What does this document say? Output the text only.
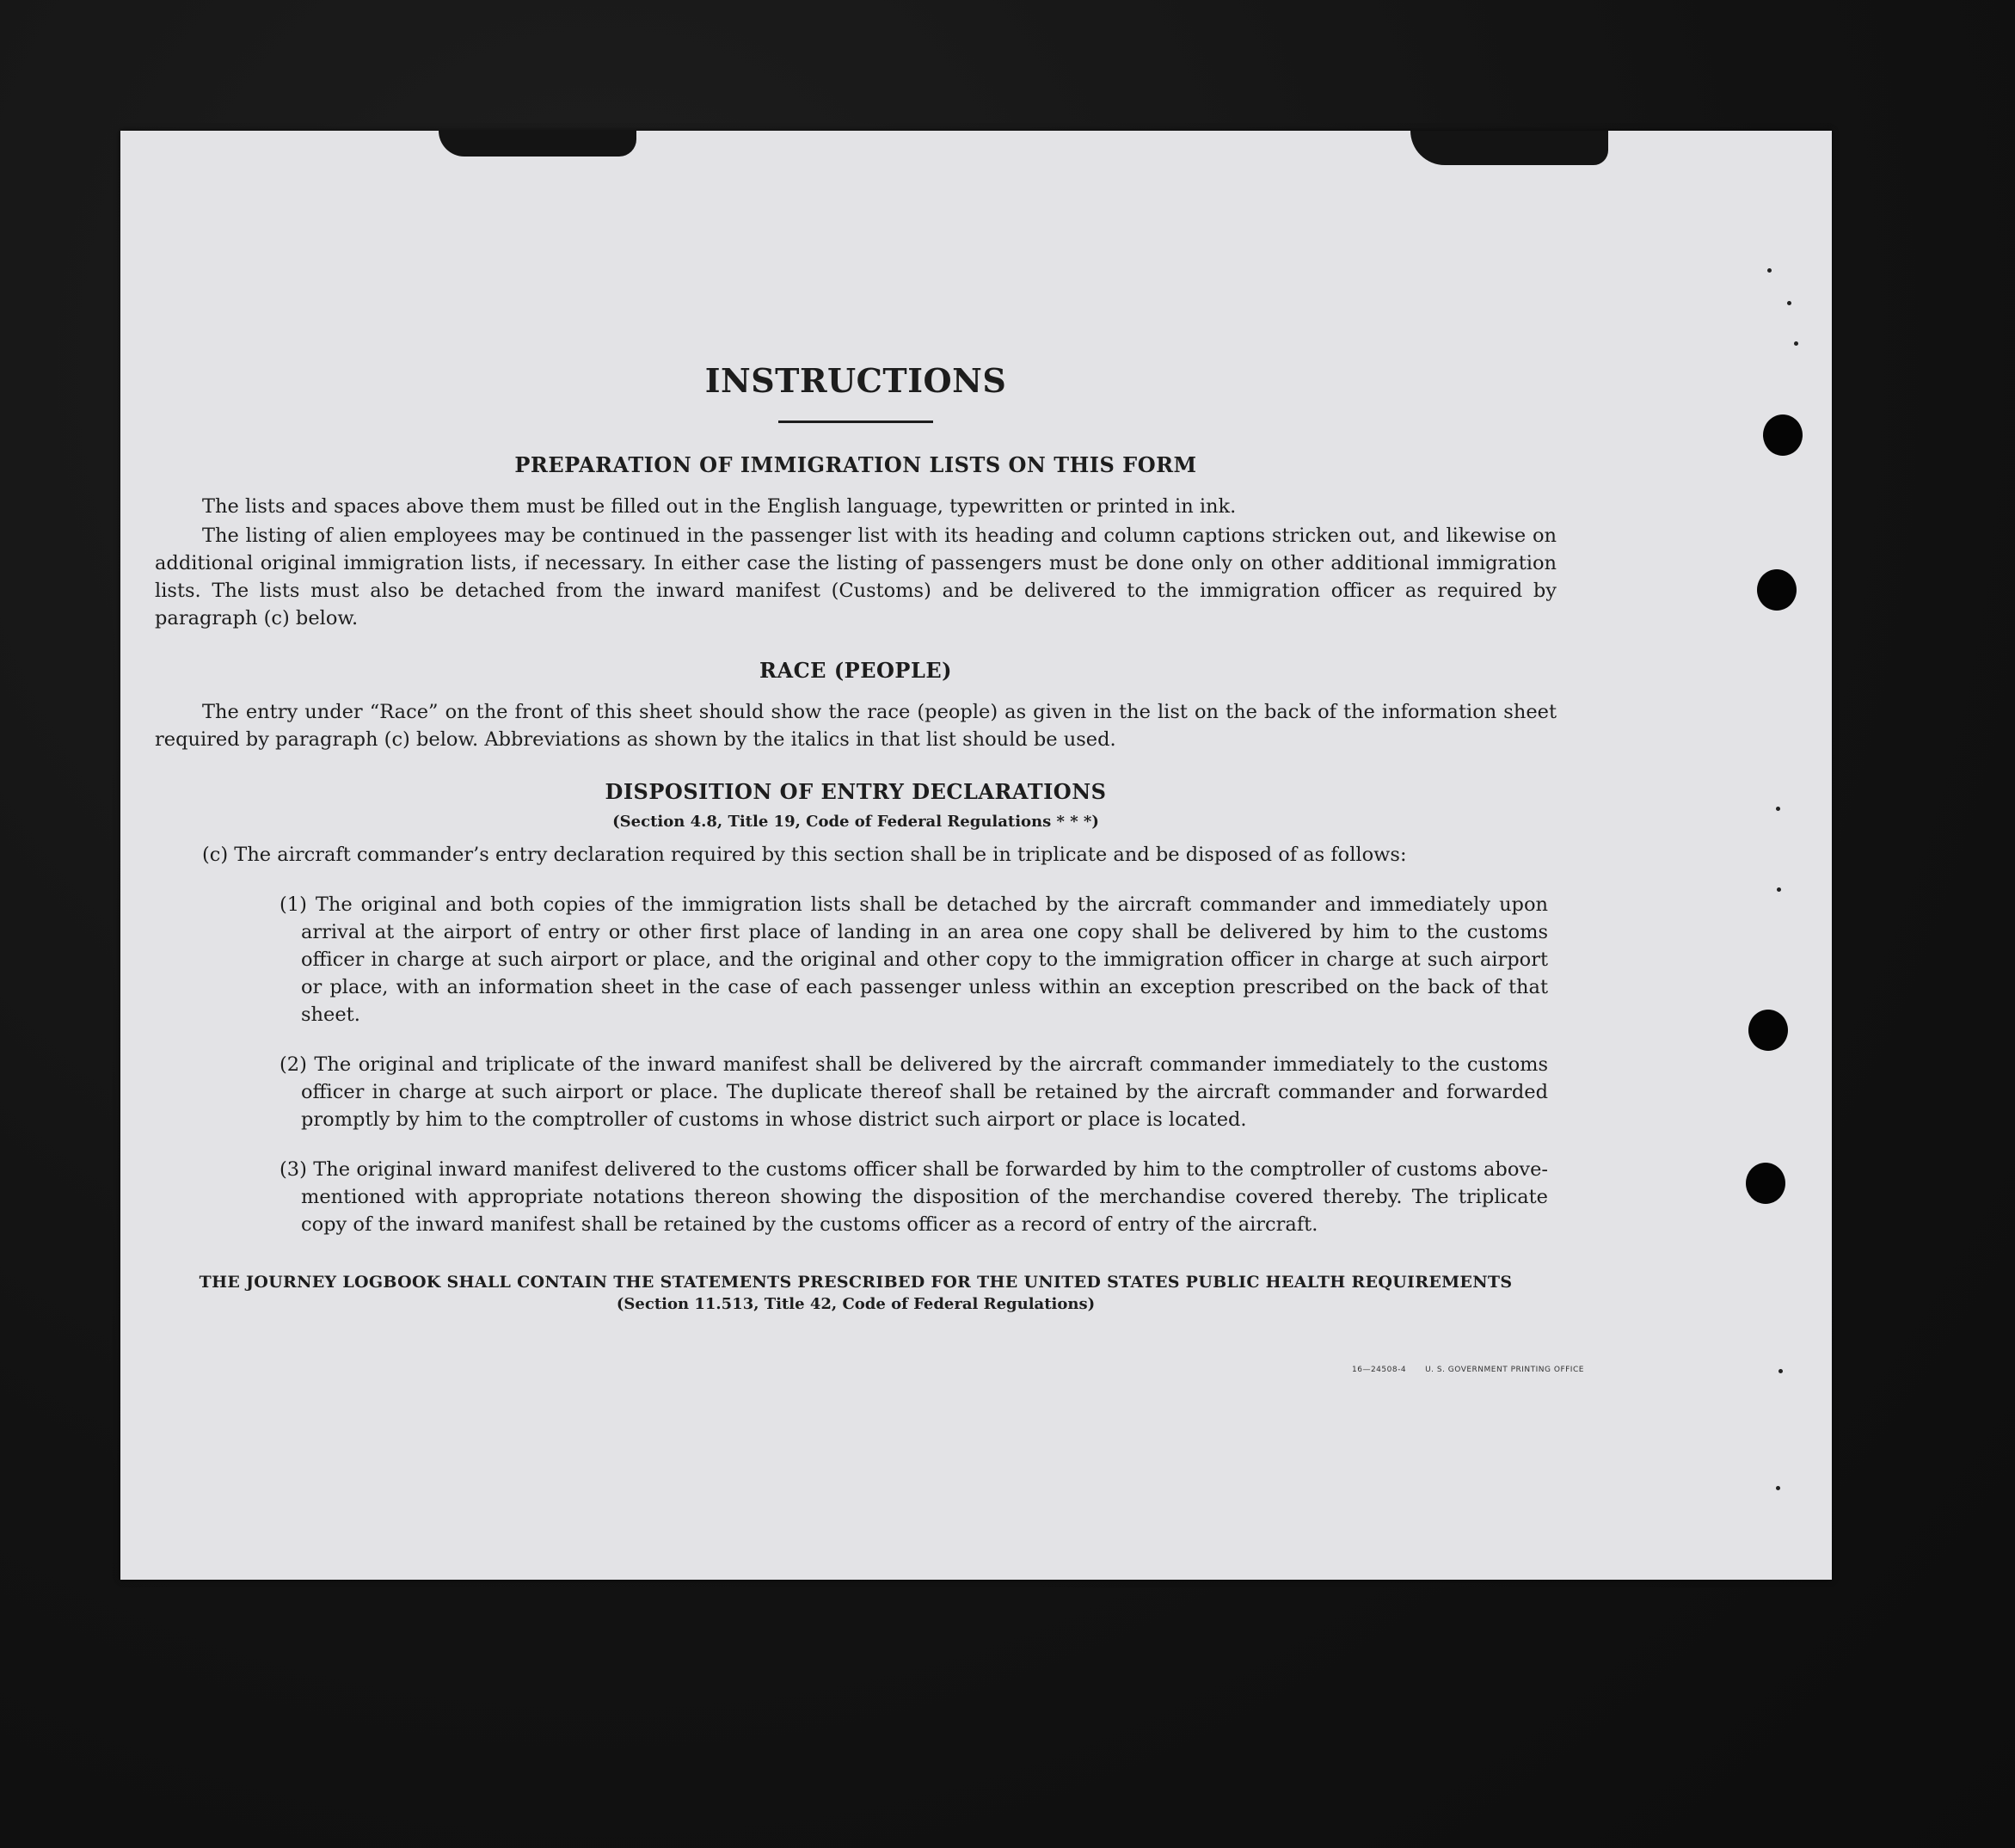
INSTRUCTIONS
PREPARATION OF IMMIGRATION LISTS ON THIS FORM

The lists and spaces above them must be filled out in the English language, typewritten or printed in ink.

The listing of alien employees may be continued in the passenger list with its heading and column captions stricken out, and likewise on additional original immigration lists, if necessary. In either case the listing of passengers must be done only on other additional immigration lists. The lists must also be detached from the inward manifest (Customs) and be delivered to the immigration officer as required by paragraph (c) below.

RACE (PEOPLE)

The entry under “Race” on the front of this sheet should show the race (people) as given in the list on the back of the information sheet required by paragraph (c) below. Abbreviations as shown by the italics in that list should be used.

DISPOSITION OF ENTRY DECLARATIONS
(Section 4.8, Title 19, Code of Federal Regulations * * *)

(c) The aircraft commander’s entry declaration required by this section shall be in triplicate and be disposed of as follows:

(1) The original and both copies of the immigration lists shall be detached by the aircraft commander and immediately upon arrival at the airport of entry or other first place of landing in an area one copy shall be delivered by him to the customs officer in charge at such airport or place, and the original and other copy to the immigration officer in charge at such airport or place, with an information sheet in the case of each passenger unless within an exception prescribed on the back of that sheet.

(2) The original and triplicate of the inward manifest shall be delivered by the aircraft commander immediately to the customs officer in charge at such airport or place. The duplicate thereof shall be retained by the aircraft commander and forwarded promptly by him to the comptroller of customs in whose district such airport or place is located.

(3) The original inward manifest delivered to the customs officer shall be forwarded by him to the comptroller of customs above-mentioned with appropriate notations thereon showing the disposition of the merchandise covered thereby. The triplicate copy of the inward manifest shall be retained by the customs officer as a record of entry of the aircraft.

THE JOURNEY LOGBOOK SHALL CONTAIN THE STATEMENTS PRESCRIBED FOR THE UNITED STATES PUBLIC HEALTH REQUIREMENTS
(Section 11.513, Title 42, Code of Federal Regulations)
16—24508-4 U. S. GOVERNMENT PRINTING OFFICE
